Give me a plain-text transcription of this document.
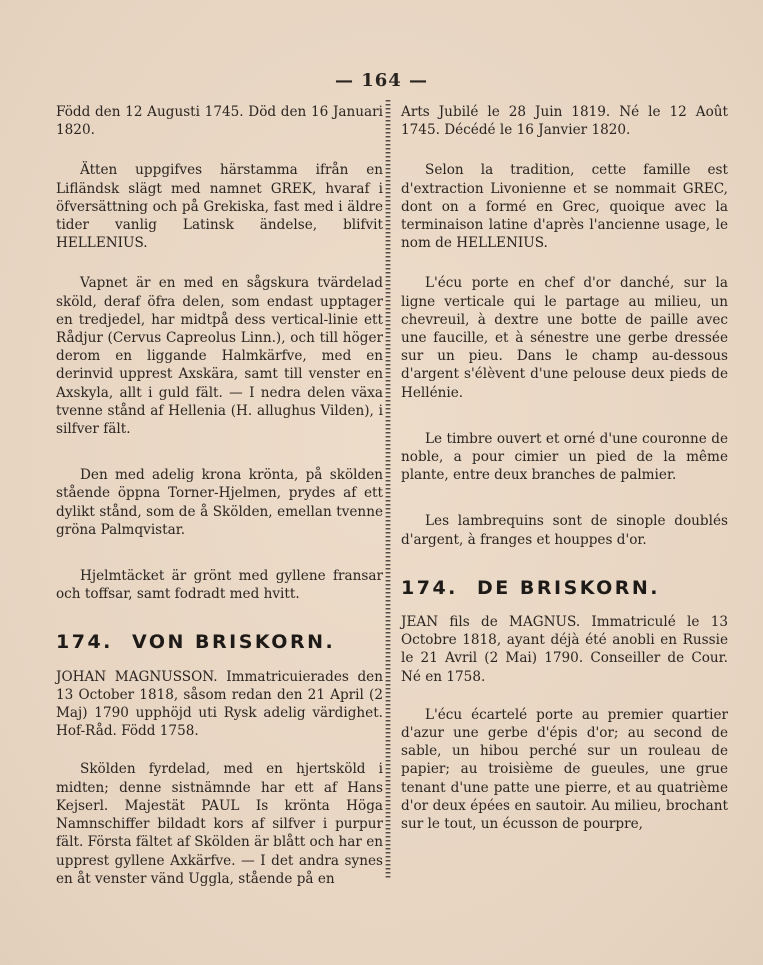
— 164 —

Född den 12 Augusti 1745. Död den 16 Januari 1820.

Ätten uppgifves härstamma ifrån en Lifländsk slägt med namnet GREK, hvaraf i öfversättning och på Grekiska, fast med i äldre tider vanlig Latinsk ändelse, blifvit HELLENIUS.

Vapnet är en med en sågskura tvärdelad sköld, deraf öfra delen, som endast upptager en tredjedel, har midtpå dess vertical-linie ett Rådjur (Cervus Capreolus Linn.), och till höger derom en liggande Halmkärfve, med en derinvid upprest Axskära, samt till venster en Axskyla, allt i guld fält. — I nedra delen växa tvenne stånd af Hellenia (H. allughus Vilden), i silfver fält.

Den med adelig krona krönta, på skölden stående öppna Torner-Hjelmen, prydes af ett dylikt stånd, som de å Skölden, emellan tvenne gröna Palmqvistar.

Hjelmtäcket är grönt med gyllene fransar och toffsar, samt fodradt med hvitt.

174. VON BRISKORN.

JOHAN MAGNUSSON. Immatricuierades den 13 October 1818, såsom redan den 21 April (2 Maj) 1790 upphöjd uti Rysk adelig värdighet. Hof-Råd. Född 1758.

Skölden fyrdelad, med en hjertsköld i midten; denne sistnämnde har ett af Hans Kejserl. Majestät PAUL Is krönta Höga Namnschiffer bildadt kors af silfver i purpur fält. Första fältet af Skölden är blått och har en upprest gyllene Axkärfve. — I det andra synes en åt venster vänd Uggla, stående på en

Arts Jubilé le 28 Juin 1819. Né le 12 Août 1745. Décédé le 16 Janvier 1820.

Selon la tradition, cette famille est d'extraction Livonienne et se nommait GREC, dont on a formé en Grec, quoique avec la terminaison latine d'après l'ancienne usage, le nom de HELLENIUS.

L'écu porte en chef d'or danché, sur la ligne verticale qui le partage au milieu, un chevreuil, à dextre une botte de paille avec une faucille, et à sénestre une gerbe dressée sur un pieu. Dans le champ au-dessous d'argent s'élèvent d'une pelouse deux pieds de Hellénie.

Le timbre ouvert et orné d'une couronne de noble, a pour cimier un pied de la même plante, entre deux branches de palmier.

Les lambrequins sont de sinople doublés d'argent, à franges et houppes d'or.

174. DE BRISKORN.

JEAN fils de MAGNUS. Immatriculé le 13 Octobre 1818, ayant déjà été anobli en Russie le 21 Avril (2 Mai) 1790. Conseiller de Cour. Né en 1758.

L'écu écartelé porte au premier quartier d'azur une gerbe d'épis d'or; au second de sable, un hibou perché sur un rouleau de papier; au troisième de gueules, une grue tenant d'une patte une pierre, et au quatrième d'or deux épées en sautoir. Au milieu, brochant sur le tout, un écusson de pourpre,
